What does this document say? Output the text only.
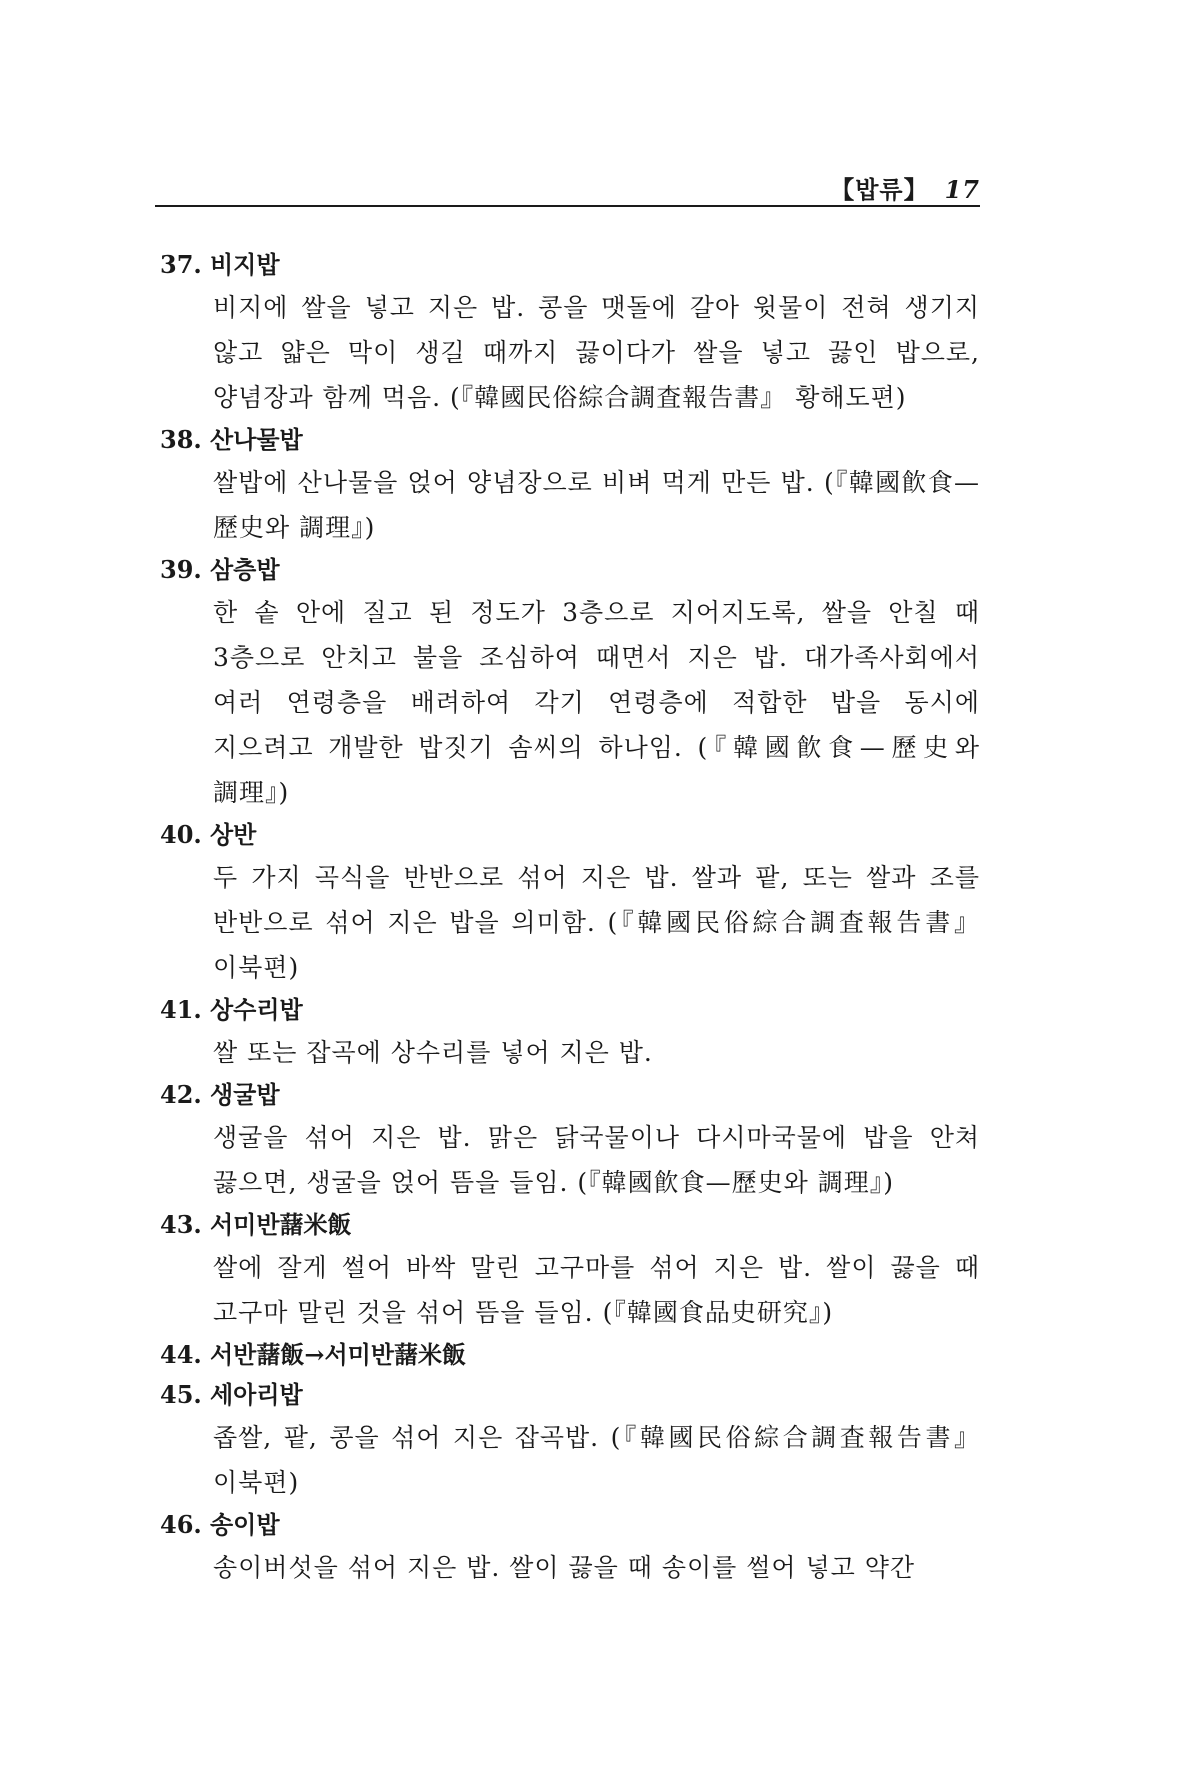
【밥류】 17
37. 비지밥
비지에 쌀을 넣고 지은 밥. 콩을 맷돌에 갈아 윗물이 전혀 생기지 않고 얇은 막이 생길 때까지 끓이다가 쌀을 넣고 끓인 밥으로, 양념장과 함께 먹음. (『韓國民俗綜合調査報告書』 황해도편)
38. 산나물밥
쌀밥에 산나물을 얹어 양념장으로 비벼 먹게 만든 밥. (『韓國飮食—歷史와 調理』)
39. 삼층밥
한 솥 안에 질고 된 정도가 3층으로 지어지도록, 쌀을 안칠 때 3층으로 안치고 불을 조심하여 때면서 지은 밥. 대가족사회에서 여러 연령층을 배려하여 각기 연령층에 적합한 밥을 동시에 지으려고 개발한 밥짓기 솜씨의 하나임. (『韓國飮食—歷史와 調理』)
40. 상반
두 가지 곡식을 반반으로 섞어 지은 밥. 쌀과 팥, 또는 쌀과 조를 반반으로 섞어 지은 밥을 의미함. (『韓國民俗綜合調査報告書』 이북편)
41. 상수리밥
쌀 또는 잡곡에 상수리를 넣어 지은 밥.
42. 생굴밥
생굴을 섞어 지은 밥. 맑은 닭국물이나 다시마국물에 밥을 안쳐 끓으면, 생굴을 얹어 뜸을 들임. (『韓國飮食—歷史와 調理』)
43. 서미반藷米飯
쌀에 잘게 썰어 바싹 말린 고구마를 섞어 지은 밥. 쌀이 끓을 때 고구마 말린 것을 섞어 뜸을 들임. (『韓國食品史研究』)
44. 서반藷飯→서미반藷米飯
45. 세아리밥
좁쌀, 팥, 콩을 섞어 지은 잡곡밥. (『韓國民俗綜合調査報告書』 이북편)
46. 송이밥
송이버섯을 섞어 지은 밥. 쌀이 끓을 때 송이를 썰어 넣고 약간
